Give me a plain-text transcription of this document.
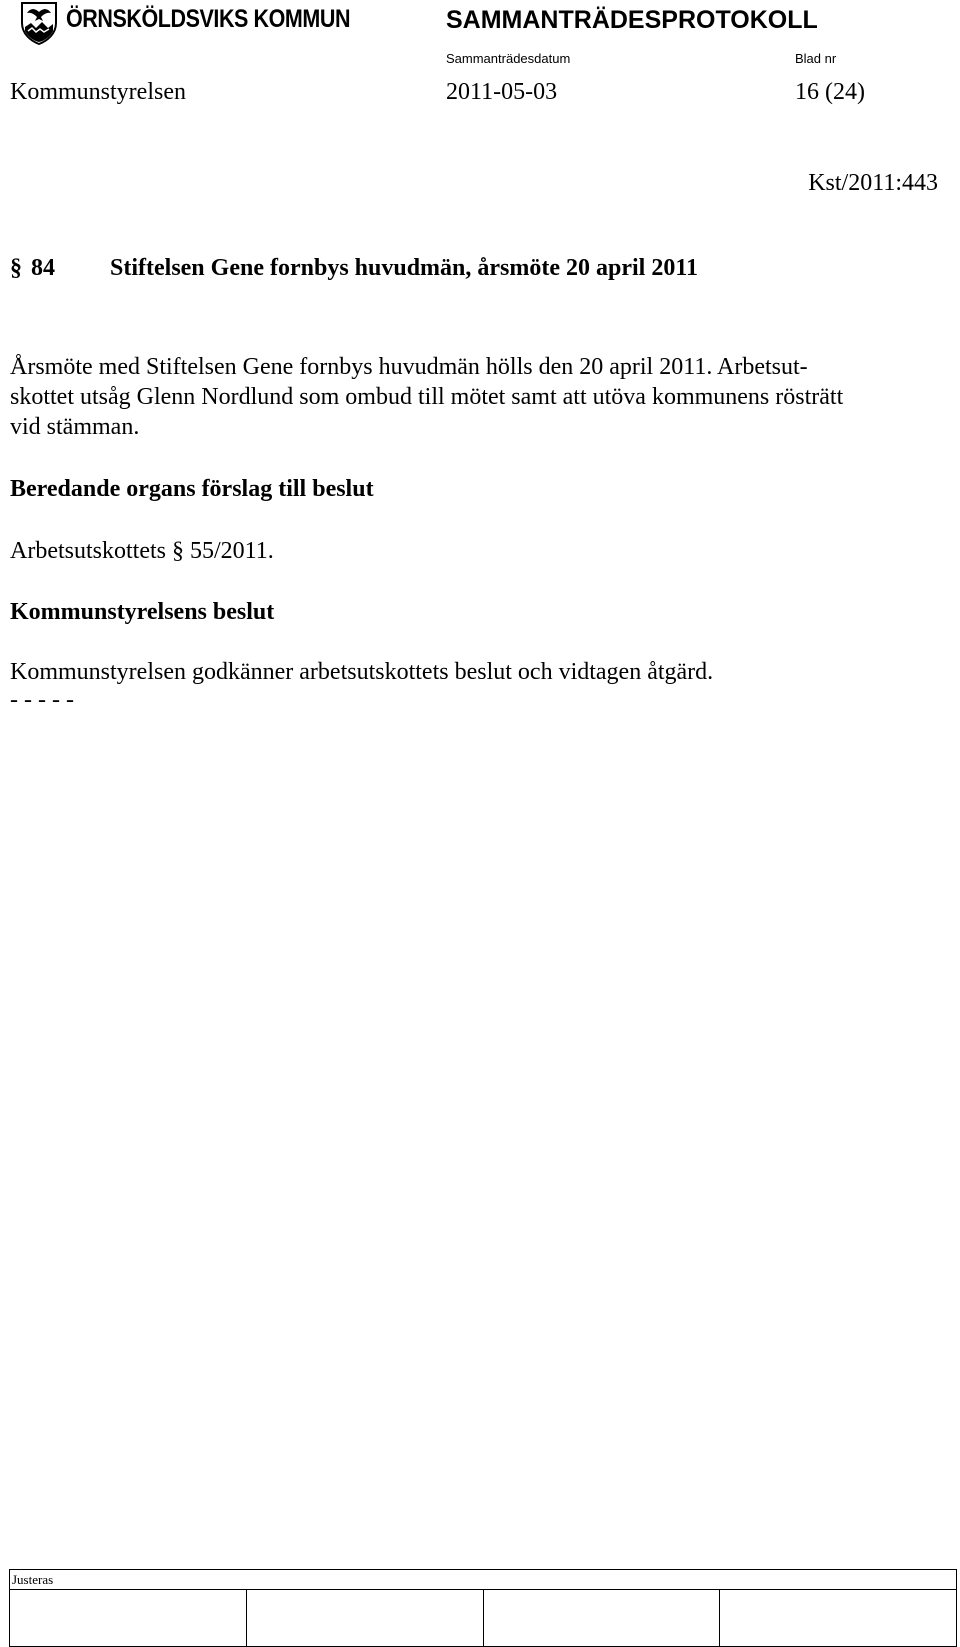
ÖRNSKÖLDSVIKS KOMMUN	SAMMANTRÄDESPROTOKOLL
Sammanträdesdatum	Blad nr
Kommunstyrelsen	2011-05-03	16 (24)
Kst/2011:443
§ 84 Stiftelsen Gene fornbys huvudmän, årsmöte 20 april 2011
Årsmöte med Stiftelsen Gene fornbys huvudmän hölls den 20 april 2011. Arbetsut-
skottet utsåg Glenn Nordlund som ombud till mötet samt att utöva kommunens rösträtt
vid stämman.
Beredande organs förslag till beslut
Arbetsutskottets § 55/2011.
Kommunstyrelsens beslut
Kommunstyrelsen godkänner arbetsutskottets beslut och vidtagen åtgärd.
- - - - -
Justeras
